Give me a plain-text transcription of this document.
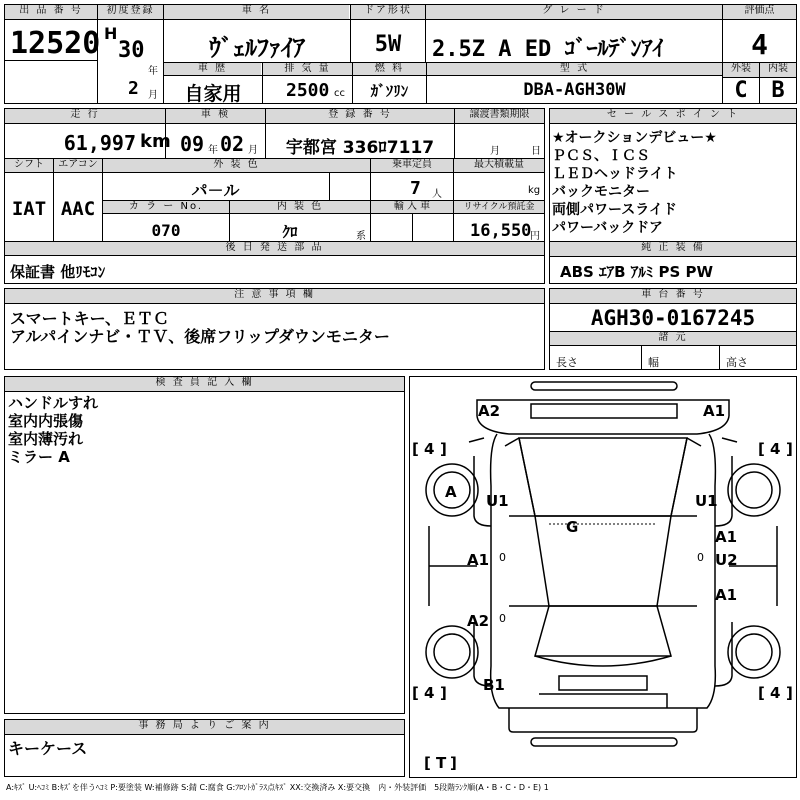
出 品 番 号
12520
初度登録
H
30
年
2 月
車 名
ｳﾞｪﾙﾌｧｲｱ
ドア形状
5W
グ レ ー ド
2.5Z A ED ｺﾞｰﾙﾃﾞﾝｱｲ
評価点
4
車 歴
自家用
排 気 量
2500 cc
燃 料
ｶﾞｿﾘﾝ
型 式
DBA-AGH30W
外装	内装
C	B
走 行
61,997 km
車 検
09 年 02 月
登 録 番 号
宇都宮 336ﾛ7117
譲渡書類期限
月	日
シフト	エアコン
IAT AAC
外 装 色
パ－ル
乗車定員
7 人
最大積載量
kg
カ ラ ー No.
070
内 装 色
ｸﾛ	系
輸 入 車	リサイクル預託金
16,550
円
後 日 発 送 部 品
保証書 他ﾘﾓｺﾝ
セ ー ル ス ポ イ ン ト
★オークションデビュー★
ＰＣＳ、ＩＣＳ
ＬＥＤヘッドライト
バックモニター
両側パワースライド
パワーバックドア
純 正 装 備
ABS ｴｱB ｱﾙﾐ PS PW
注 意 事 項 欄
スマートキー、ＥＴＣ
アルパインナビ・ＴＶ、後席フリップダウンモニター
車 台 番 号
AGH30-0167245
諸 元
長さ	幅	高さ
検 査 員 記 入 欄
ハンドルすれ
室内内張傷
室内薄汚れ
ミラー A
事 務 局 よ り ご 案 内
キーケース
[ 4 ]	[ 4 ]
[ 4 ]	[ 4 ]
A2	A1
A U1	U1
G
A1
A1 0	0 U2
A1
A2 0
B1
[ T ]
A:ｷｽﾞ U:ﾍｺﾐ B:ｷｽﾞを伴うﾍｺﾐ P:要塗装 W:補修跡 S:錆 C:腐食 G:ﾌﾛﾝﾄｶﾞﾗｽ点ｷｽﾞ XX:交換済み X:要交換　内・外装評価　5段階ﾗﾝｸ順(A・B・C・D・E) 1
